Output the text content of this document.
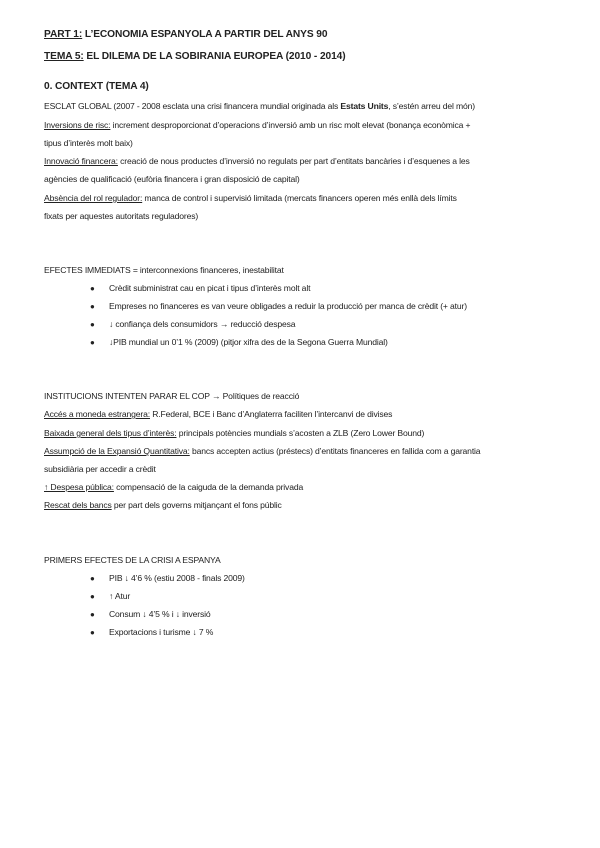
PART 1: L’ECONOMIA ESPANYOLA A PARTIR DEL ANYS 90
TEMA 5: EL DILEMA DE LA SOBIRANIA EUROPEA (2010 - 2014)
0. CONTEXT (TEMA 4)
ESCLAT GLOBAL (2007 - 2008 esclata una crisi financera mundial originada als Estats Units, s’estén arreu del món)
Inversions de risc: increment desproporcionat d’operacions d’inversió amb un risc molt elevat (bonança econòmica +
tipus d’interès molt baix)
Innovació financera: creació de nous productes d’inversió no regulats per part d’entitats bancàries i d’esquenes a les
agències de qualificació (eufòria financera i gran disposició de capital)
Absència del rol regulador: manca de control i supervisió limitada (mercats financers operen més enllà dels límits
fixats per aquestes autoritats reguladores)
EFECTES IMMEDIATS = interconnexions financeres, inestabilitat
●	Crèdit subministrat cau en picat i tipus d’interès molt alt
●	Empreses no financeres es van veure obligades a reduir la producció per manca de crèdit (+ atur)
●	↓ confiança dels consumidors → reducció despesa
●	↓PIB mundial un 0’1 % (2009) (pitjor xifra des de la Segona Guerra Mundial)
INSTITUCIONS INTENTEN PARAR EL COP → Polítiques de reacció
Accés a moneda estrangera: R.Federal, BCE i Banc d’Anglaterra faciliten l’intercanvi de divises
Baixada general dels tipus d’interès: principals potències mundials s’acosten a ZLB (Zero Lower Bound)
Assumpció de la Expansió Quantitativa: bancs accepten actius (préstecs) d’entitats financeres en fallida com a garantia
subsidiària per accedir a crèdit
↑ Despesa pública: compensació de la caiguda de la demanda privada
Rescat dels bancs per part dels governs mitjançant el fons públic
PRIMERS EFECTES DE LA CRISI A ESPANYA
●	PIB ↓ 4’6 % (estiu 2008 - finals 2009)
●	↑ Atur
●	Consum ↓ 4’5 % i ↓ inversió
●	Exportacions i turisme ↓ 7 %
